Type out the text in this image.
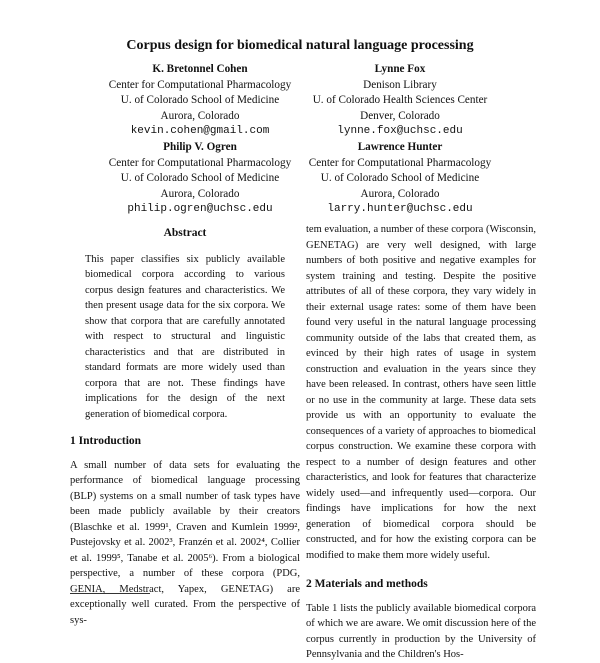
Corpus design for biomedical natural language processing
K. Bretonnel Cohen
Center for Computational Pharmacology
U. of Colorado School of Medicine
Aurora, Colorado
kevin.cohen@gmail.com
Lynne Fox
Denison Library
U. of Colorado Health Sciences Center
Denver, Colorado
lynne.fox@uchsc.edu
Philip V. Ogren
Center for Computational Pharmacology
U. of Colorado School of Medicine
Aurora, Colorado
philip.ogren@uchsc.edu
Lawrence Hunter
Center for Computational Pharmacology
U. of Colorado School of Medicine
Aurora, Colorado
larry.hunter@uchsc.edu
Abstract

This paper classifies six publicly available biomedical corpora according to various corpus design features and characteristics. We then present usage data for the six corpora. We show that corpora that are carefully annotated with respect to structural and linguistic characteristics and that are distributed in standard formats are more widely used than corpora that are not. These findings have implications for the design of the next generation of biomedical corpora.

1 Introduction

A small number of data sets for evaluating the performance of biomedical language processing (BLP) systems on a small number of task types have been made publicly available by their creators (Blaschke et al. 1999¹, Craven and Kumlein 1999², Pustejovsky et al. 2002³, Franzén et al. 2002⁴, Collier et al. 1999⁵, Tanabe et al. 2005⁶). From a biological perspective, a number of these corpora (PDG, GENIA, Medstract, Yapex, GENETAG) are exceptionally well curated. From the perspective of sys-

tem evaluation, a number of these corpora (Wisconsin, GENETAG) are very well designed, with large numbers of both positive and negative examples for system training and testing. Despite the positive attributes of all of these corpora, they vary widely in their external usage rates: some of them have been found very useful in the natural language processing community outside of the labs that created them, as evinced by their high rates of usage in system construction and evaluation in the years since they have been released. In contrast, others have seen little or no use in the community at large. These data sets provide us with an opportunity to evaluate the consequences of a variety of approaches to biomedical corpus construction. We examine these corpora with respect to a number of design features and other characteristics, and look for features that characterize widely used—and infrequently used—corpora. Our findings have implications for how the next generation of biomedical corpora should be constructed, and for how the existing corpora can be modified to make them more widely useful.

2 Materials and methods

Table 1 lists the publicly available biomedical corpora of which we are aware. We omit discussion here of the corpus currently in production by the University of Pennsylvania and the Children's Hos-
